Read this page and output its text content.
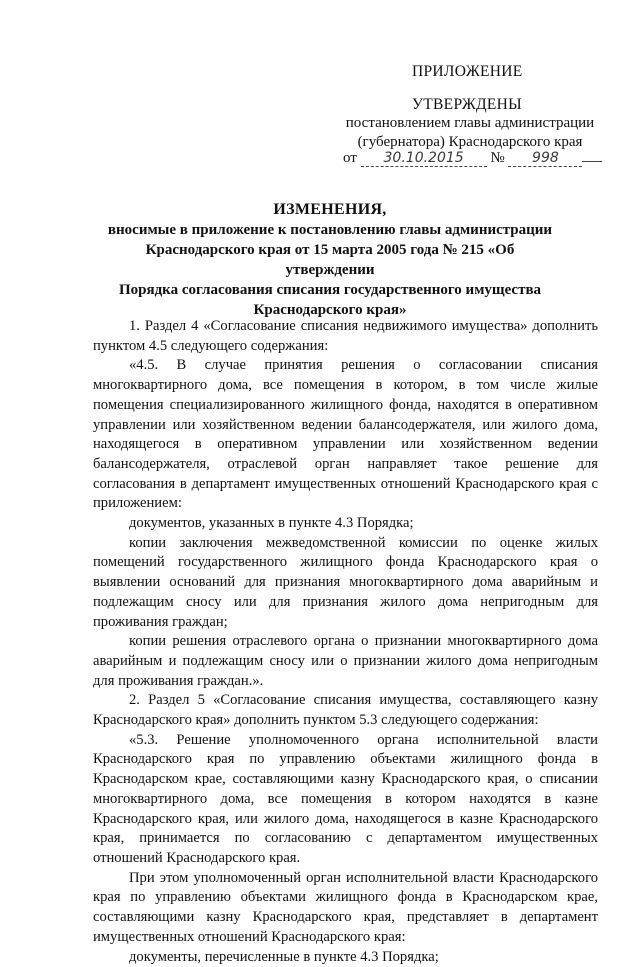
ПРИЛОЖЕНИЕ
УТВЕРЖДЕНЫ
постановлением главы администрации
(губернатора) Краснодарского края
от 30.10.2015 № 998
ИЗМЕНЕНИЯ,
вносимые в приложение к постановлению главы администрации
Краснодарского края от 15 марта 2005 года № 215 «Об утверждении
Порядка согласования списания государственного имущества
Краснодарского края»

1. Раздел 4 «Согласование списания недвижимого имущества» дополнить пунктом 4.5 следующего содержания:

«4.5. В случае принятия решения о согласовании списания многоквартирного дома, все помещения в котором, в том числе жилые помещения специализированного жилищного фонда, находятся в оперативном управлении или хозяйственном ведении балансодержателя, или жилого дома, находящегося в оперативном управлении или хозяйственном ведении балансодержателя, отраслевой орган направляет такое решение для согласования в департамент имущественных отношений Краснодарского края с приложением:

документов, указанных в пункте 4.3 Порядка;

копии заключения межведомственной комиссии по оценке жилых помещений государственного жилищного фонда Краснодарского края о выявлении оснований для признания многоквартирного дома аварийным и подлежащим сносу или для признания жилого дома непригодным для проживания граждан;

копии решения отраслевого органа о признании многоквартирного дома аварийным и подлежащим сносу или о признании жилого дома непригодным для проживания граждан.».

2. Раздел 5 «Согласование списания имущества, составляющего казну Краснодарского края» дополнить пунктом 5.3 следующего содержания:

«5.3. Решение уполномоченного органа исполнительной власти Краснодарского края по управлению объектами жилищного фонда в Краснодарском крае, составляющими казну Краснодарского края, о списании многоквартирного дома, все помещения в котором находятся в казне Краснодарского края, или жилого дома, находящегося в казне Краснодарского края, принимается по согласованию с департаментом имущественных отношений Краснодарского края.

При этом уполномоченный орган исполнительной власти Краснодарского края по управлению объектами жилищного фонда в Краснодарском крае, составляющими казну Краснодарского края, представляет в департамент имущественных отношений Краснодарского края:

документы, перечисленные в пункте 4.3 Порядка;
